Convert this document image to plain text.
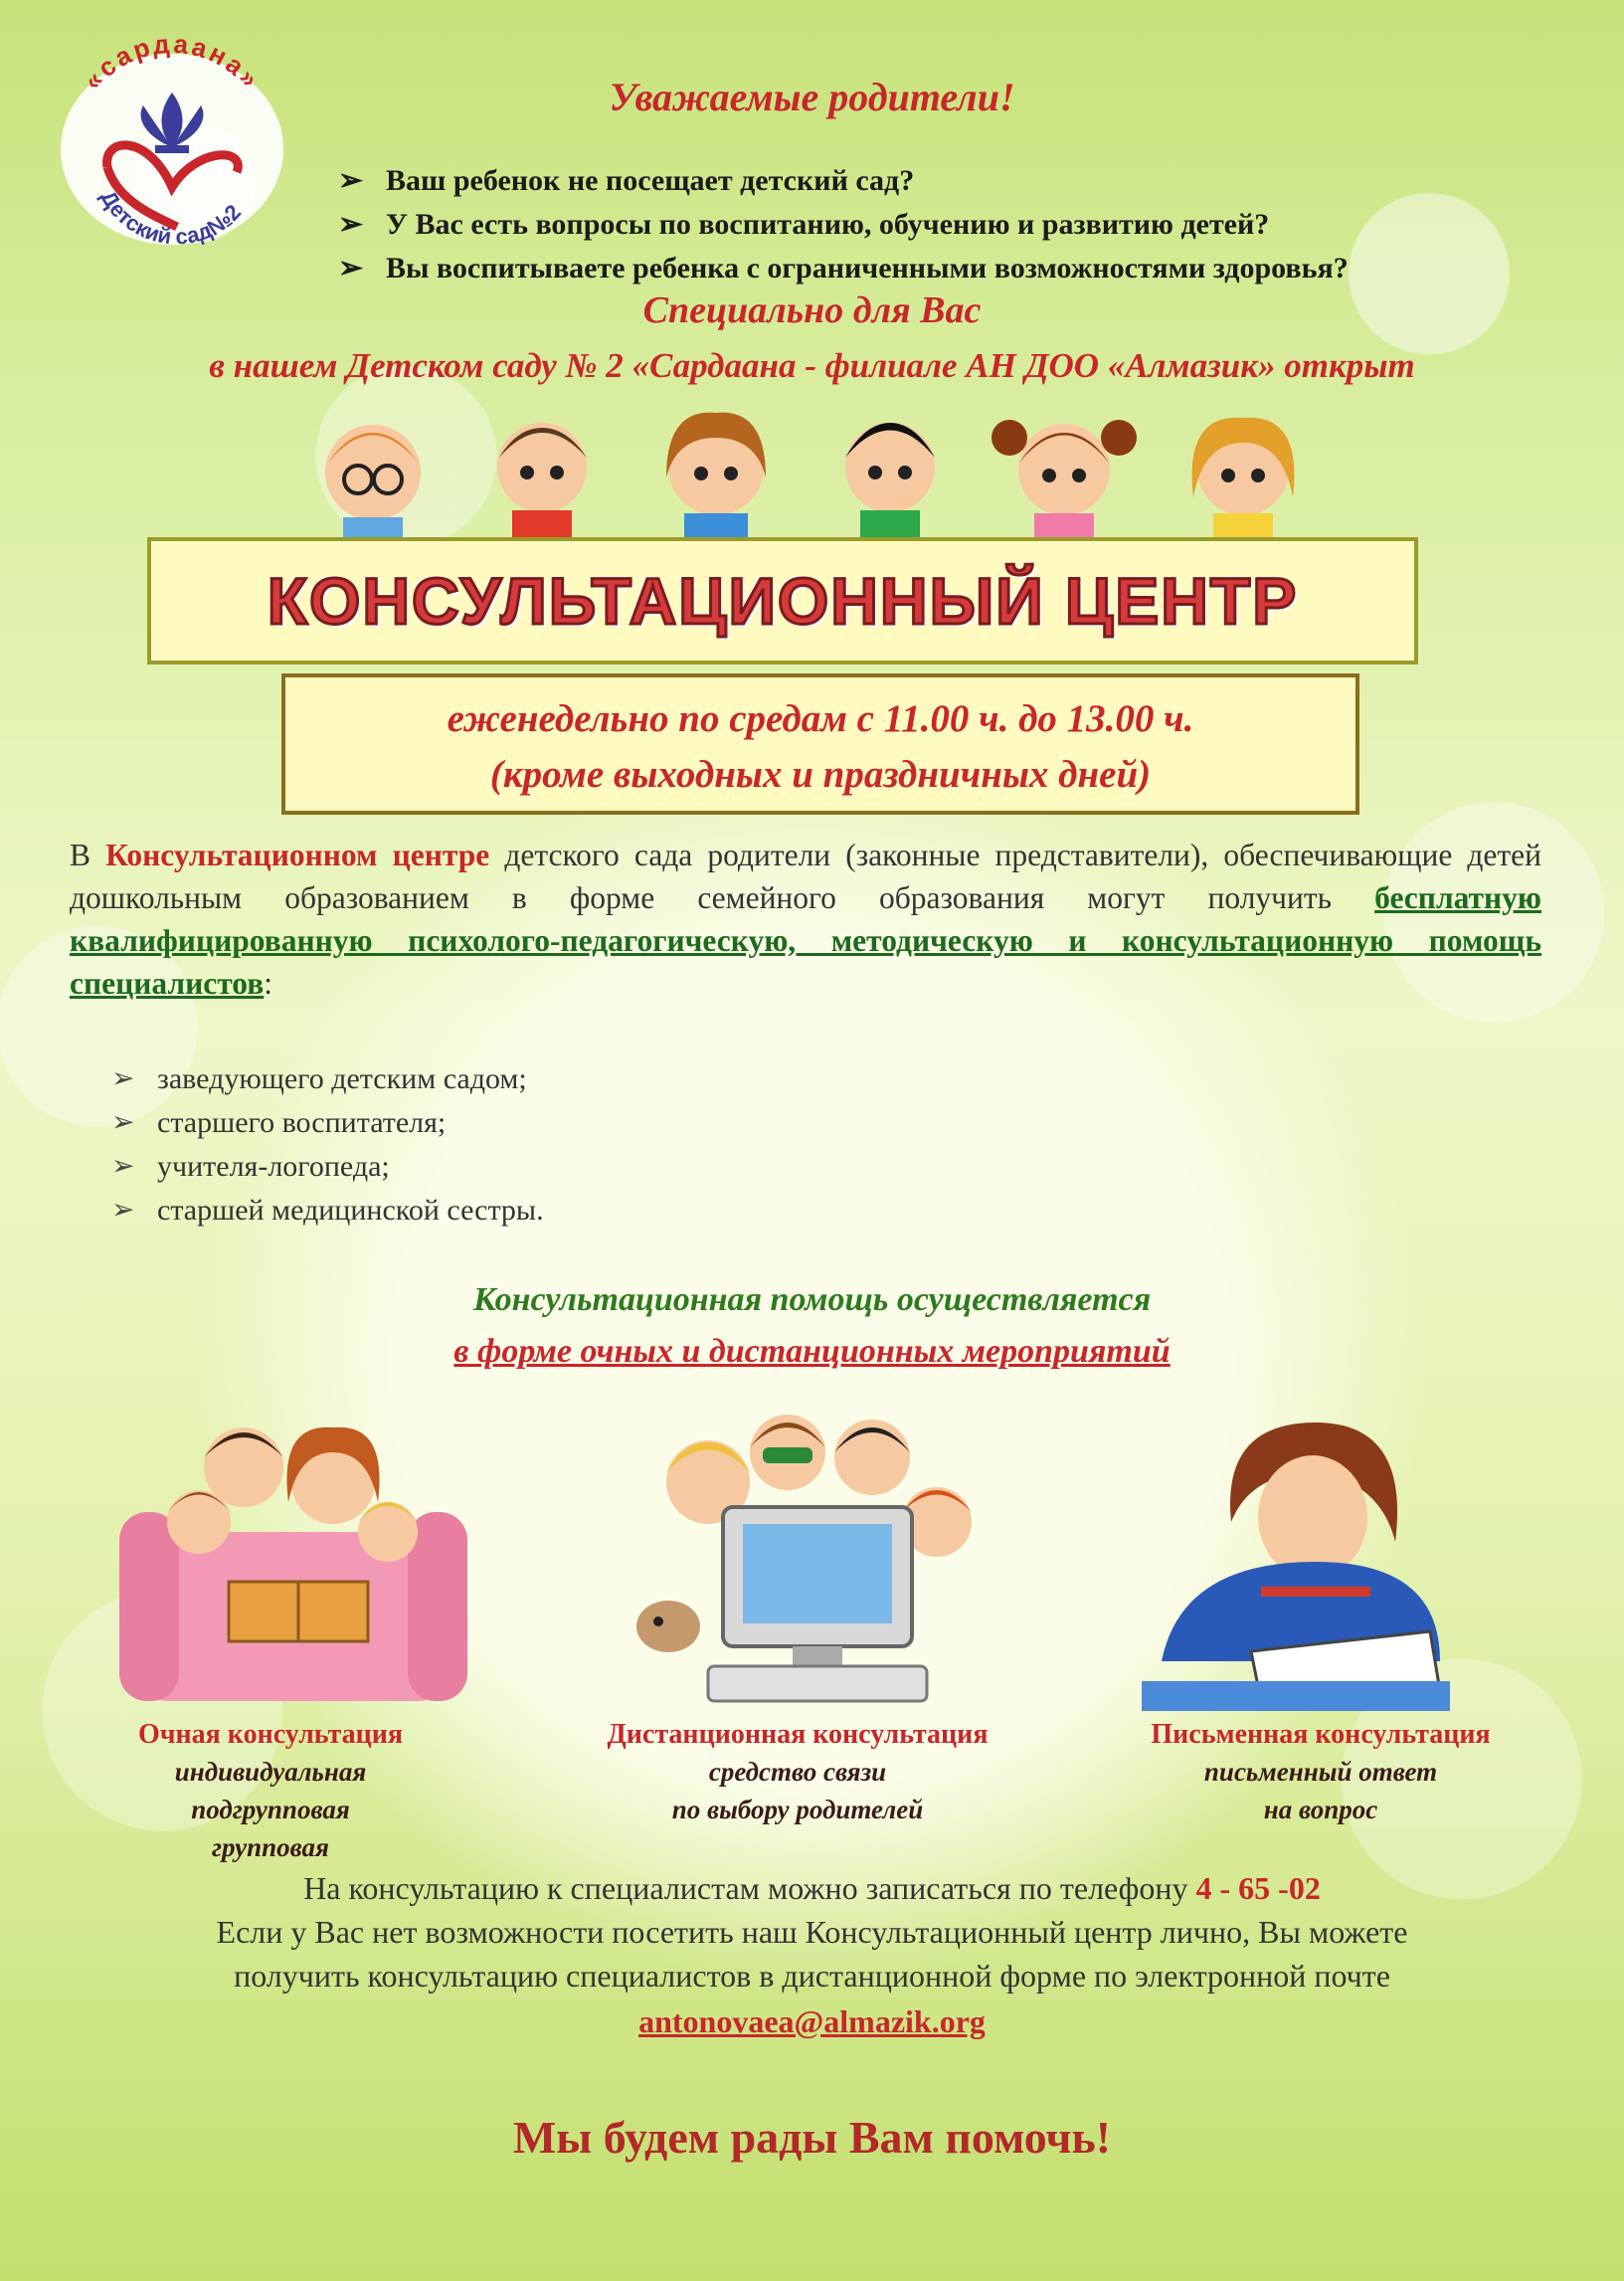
«сардаана»
Детский сад№2
Уважаемые родители!
➢ Ваш ребенок не посещает детский сад?
➢ У Вас есть вопросы по воспитанию, обучению и развитию детей?
➢ Вы воспитываете ребенка с ограниченными возможностями здоровья?
Специально для Вас
в нашем Детском саду № 2 «Сардаана - филиале АН ДОО «Алмазик» открыт
КОНСУЛЬТАЦИОННЫЙ ЦЕНТР
еженедельно по средам с 11.00 ч. до 13.00 ч.
(кроме выходных и праздничных дней)
В Консультационном центре детского сада родители (законные представители), обеспечивающие детей дошкольным образованием в форме семейного образования могут получить бесплатную квалифицированную психолого-педагогическую, методическую и консультационную помощь специалистов:
➢ заведующего детским садом;
➢ старшего воспитателя;
➢ учителя-логопеда;
➢ старшей медицинской сестры.
Консультационная помощь осуществляется
в форме очных и дистанционных мероприятий
Очная консультация
индивидуальная
подгрупповая
групповая
Дистанционная консультация
средство связи
по выбору родителей
Письменная консультация
письменный ответ
на вопрос
На консультацию к специалистам можно записаться по телефону 4 - 65 -02
Если у Вас нет возможности посетить наш Консультационный центр лично, Вы можете
получить консультацию специалистов в дистанционной форме по электронной почте
antonovaea@almazik.org
Мы будем рады Вам помочь!
